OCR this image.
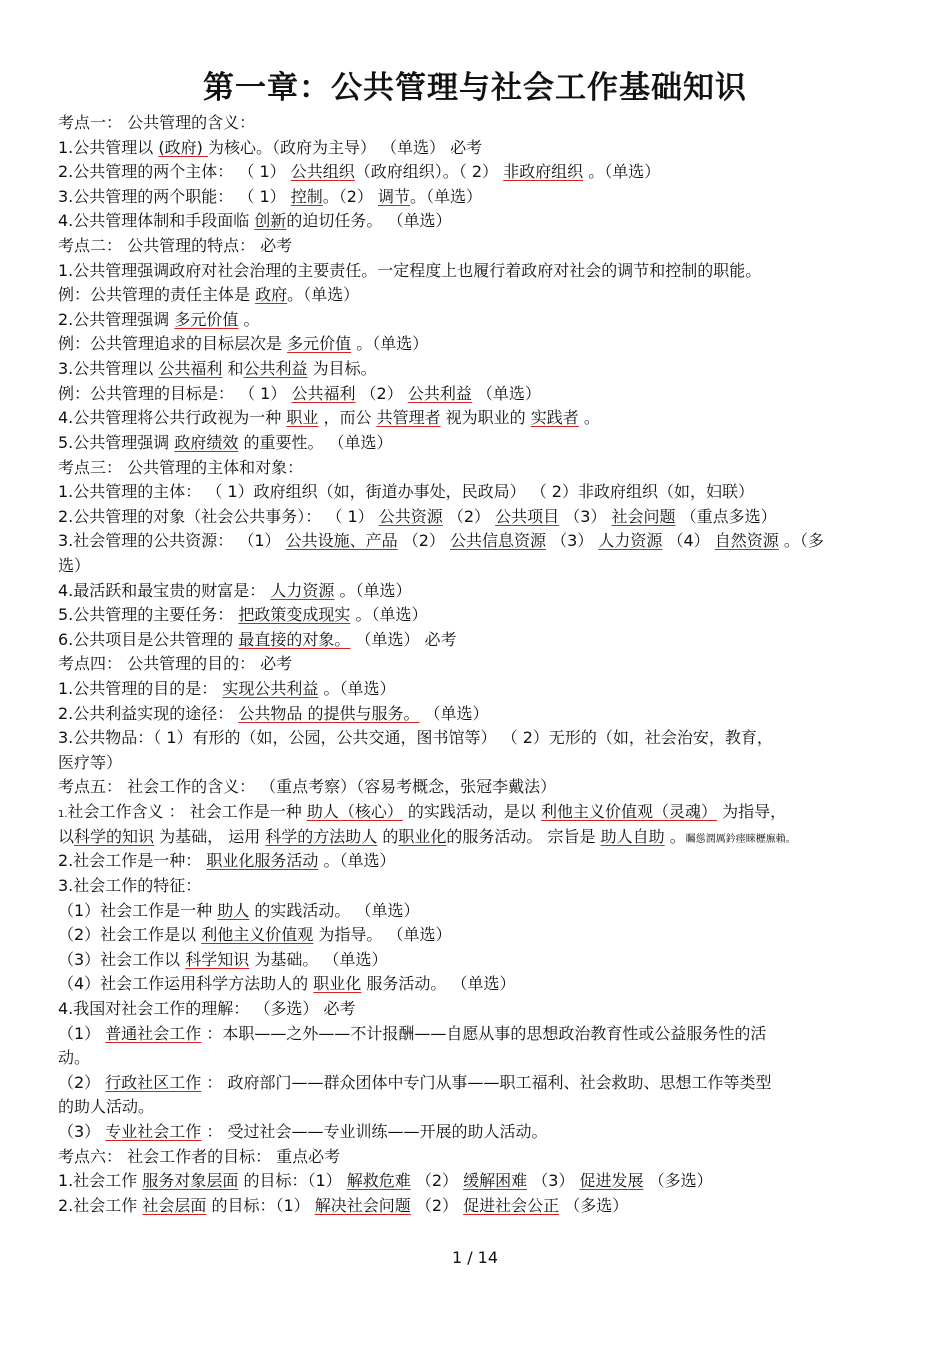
第一章：公共管理与社会工作基础知识
考点一： 公共管理的含义：
1.公共管理以 (政府) 为核心。（政府为主导） （单选） 必考
2.公共管理的两个主体： （ 1） 公共组织（政府组织）。（ 2） 非政府组织 。（单选）
3.公共管理的两个职能： （ 1） 控制。（2） 调节。（单选）
4.公共管理体制和手段面临 创新的迫切任务。 （单选）
考点二： 公共管理的特点： 必考
1.公共管理强调政府对社会治理的主要责任。一定程度上也履行着政府对社会的调节和控制的职能。
例：公共管理的责任主体是 政府。（单选）
2.公共管理强调 多元价值 。
例：公共管理追求的目标层次是 多元价值 。（单选）
3.公共管理以 公共福利 和公共利益 为目标。
例：公共管理的目标是： （ 1） 公共福利 （2） 公共利益 （单选）
4.公共管理将公共行政视为一种 职业 ，而公 共管理者 视为职业的 实践者 。
5.公共管理强调 政府绩效 的重要性。 （单选）
考点三： 公共管理的主体和对象：
1.公共管理的主体： （ 1）政府组织（如，街道办事处，民政局） （ 2）非政府组织（如，妇联）
2.公共管理的对象（社会公共事务）： （ 1） 公共资源 （2） 公共项目 （3） 社会问题 （重点多选）
3.社会管理的公共资源： （1） 公共设施、产品 （2） 公共信息资源 （3） 人力资源 （4） 自然资源 。（多
选）
4.最活跃和最宝贵的财富是： 人力资源 。（单选）
5.公共管理的主要任务： 把政策变成现实 。（单选）
6.公共项目是公共管理的 最直接的对象。 （单选） 必考
考点四： 公共管理的目的： 必考
1.公共管理的目的是： 实现公共利益 。（单选）
2.公共利益实现的途径： 公共物品 的提供与服务。 （单选）
3.公共物品：（ 1）有形的（如，公园，公共交通，图书馆等） （ 2）无形的（如，社会治安，教育，
医疗等）
考点五： 社会工作的含义： （重点考察）（容易考概念，张冠李戴法）
1.社会工作含义 ： 社会工作是一种 助人（核心） 的实践活动，是以 利他主义价值观（灵魂） 为指导，
以科学的知识 为基础， 运用 科学的方法助人 的职业化的服务活动。 宗旨是 助人自助 。矚慫潤厲鈐瘗睞櫪廡賴。
2.社会工作是一种： 职业化服务活动 。（单选）
3.社会工作的特征：
（1）社会工作是一种 助人 的实践活动。 （单选）
（2）社会工作是以 利他主义价值观 为指导。 （单选）
（3）社会工作以 科学知识 为基础。 （单选）
（4）社会工作运用科学方法助人的 职业化 服务活动。 （单选）
4.我国对社会工作的理解： （多选） 必考
（1） 普通社会工作 ：本职——之外——不计报酬——自愿从事的思想政治教育性或公益服务性的活
动。
（2） 行政社区工作 ： 政府部门——群众团体中专门从事——职工福利、社会救助、思想工作等类型
的助人活动。
（3） 专业社会工作 ： 受过社会——专业训练——开展的助人活动。
考点六： 社会工作者的目标： 重点必考
1.社会工作 服务对象层面 的目标：（1） 解救危难 （2） 缓解困难 （3） 促进发展 （多选）
2.社会工作 社会层面 的目标：（1） 解决社会问题 （2） 促进社会公正 （多选）
1 / 14
